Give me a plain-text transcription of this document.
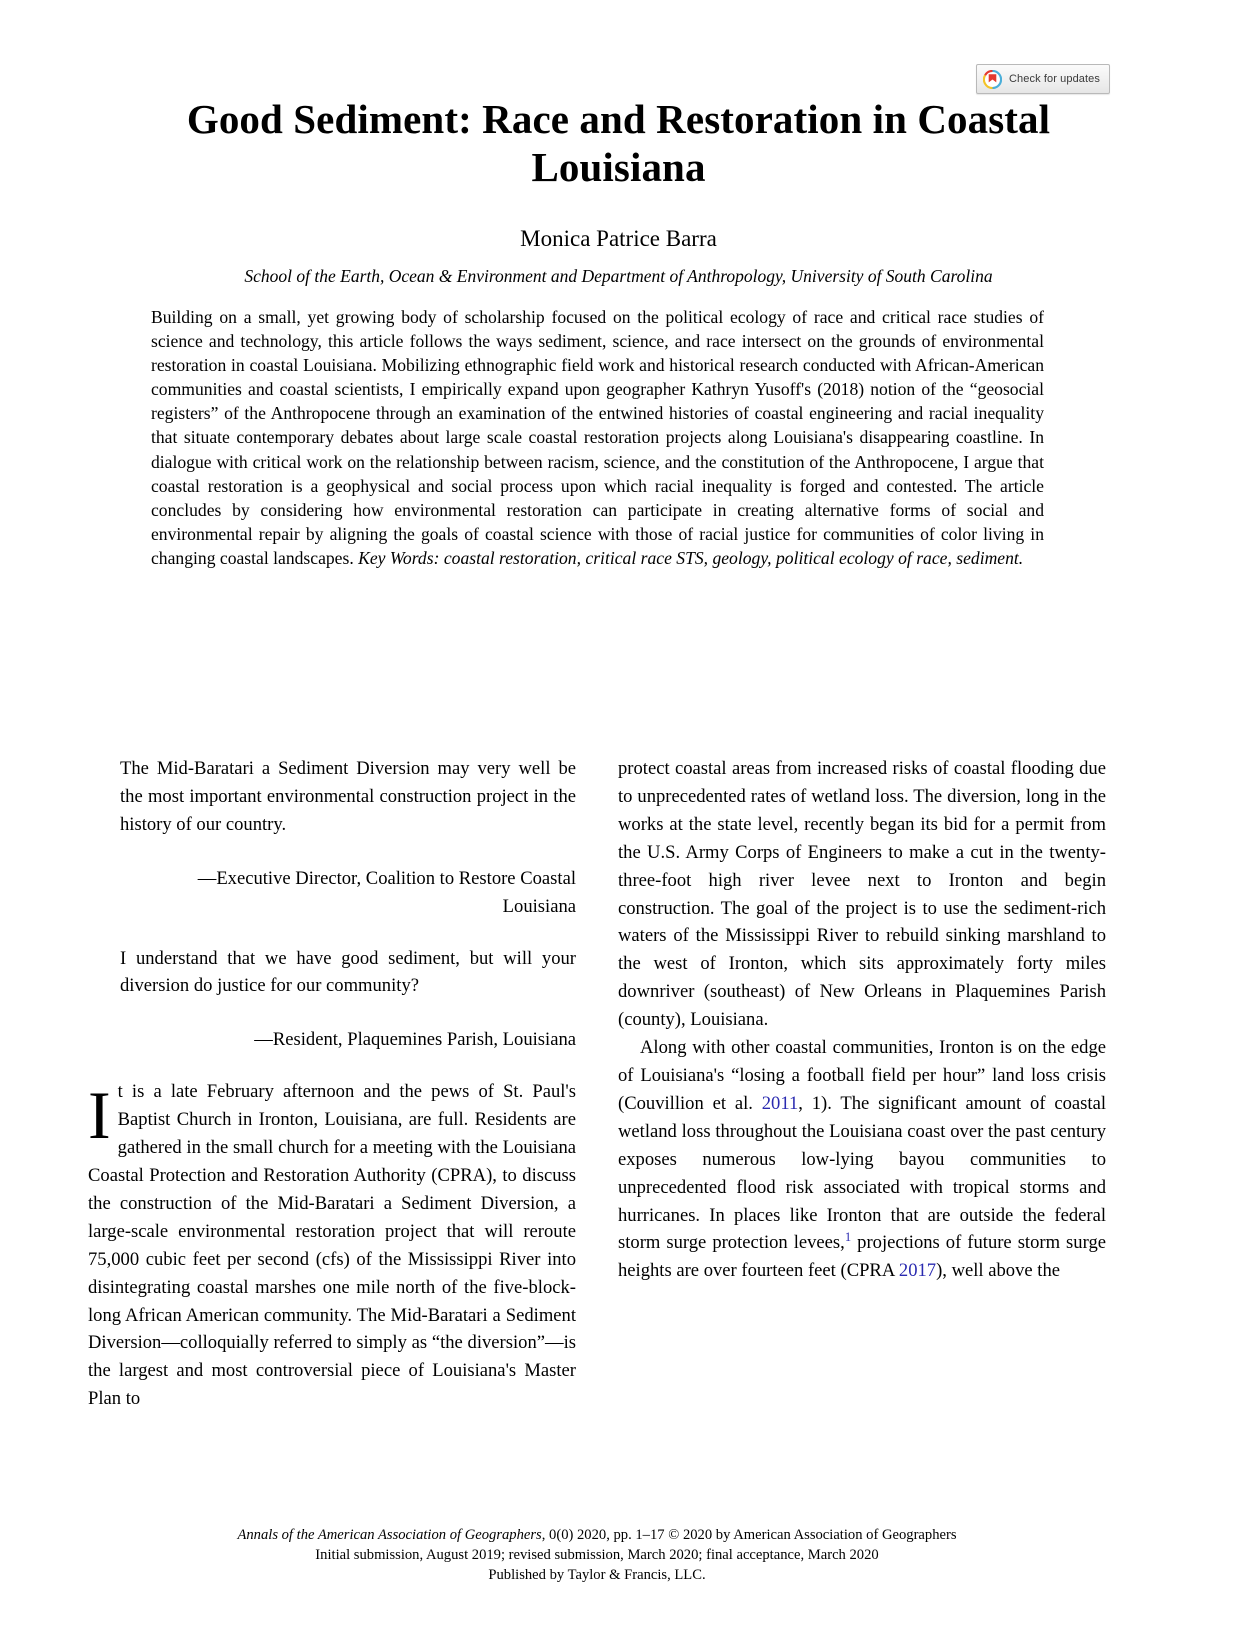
Check for updates
Good Sediment: Race and Restoration in Coastal Louisiana
Monica Patrice Barra
School of the Earth, Ocean & Environment and Department of Anthropology, University of South Carolina
Building on a small, yet growing body of scholarship focused on the political ecology of race and critical race studies of science and technology, this article follows the ways sediment, science, and race intersect on the grounds of environmental restoration in coastal Louisiana. Mobilizing ethnographic field work and historical research conducted with African-American communities and coastal scientists, I empirically expand upon geographer Kathryn Yusoff's (2018) notion of the “geosocial registers” of the Anthropocene through an examination of the entwined histories of coastal engineering and racial inequality that situate contemporary debates about large scale coastal restoration projects along Louisiana's disappearing coastline. In dialogue with critical work on the relationship between racism, science, and the constitution of the Anthropocene, I argue that coastal restoration is a geophysical and social process upon which racial inequality is forged and contested. The article concludes by considering how environmental restoration can participate in creating alternative forms of social and environmental repair by aligning the goals of coastal science with those of racial justice for communities of color living in changing coastal landscapes. Key Words: coastal restoration, critical race STS, geology, political ecology of race, sediment.
The Mid-Baratari a Sediment Diversion may very well be the most important environmental construction project in the history of our country.
—Executive Director, Coalition to Restore Coastal Louisiana
I understand that we have good sediment, but will your diversion do justice for our community?
—Resident, Plaquemines Parish, Louisiana

It is a late February afternoon and the pews of St. Paul's Baptist Church in Ironton, Louisiana, are full. Residents are gathered in the small church for a meeting with the Louisiana Coastal Protection and Restoration Authority (CPRA), to discuss the construction of the Mid-Baratari a Sediment Diversion, a large-scale environmental restoration project that will reroute 75,000 cubic feet per second (cfs) of the Mississippi River into disintegrating coastal marshes one mile north of the five-block-long African American community. The Mid-Baratari a Sediment Diversion—colloquially referred to simply as “the diversion”—is the largest and most controversial piece of Louisiana's Master Plan to

protect coastal areas from increased risks of coastal flooding due to unprecedented rates of wetland loss. The diversion, long in the works at the state level, recently began its bid for a permit from the U.S. Army Corps of Engineers to make a cut in the twenty-three-foot high river levee next to Ironton and begin construction. The goal of the project is to use the sediment-rich waters of the Mississippi River to rebuild sinking marshland to the west of Ironton, which sits approximately forty miles downriver (southeast) of New Orleans in Plaquemines Parish (county), Louisiana.

Along with other coastal communities, Ironton is on the edge of Louisiana's “losing a football field per hour” land loss crisis (Couvillion et al. 2011, 1). The significant amount of coastal wetland loss throughout the Louisiana coast over the past century exposes numerous low-lying bayou communities to unprecedented flood risk associated with tropical storms and hurricanes. In places like Ironton that are outside the federal storm surge protection levees,$^1$ projections of future storm surge heights are over fourteen feet (CPRA 2017), well above the

Annals of the American Association of Geographers, 0(0) 2020, pp. 1–17 © 2020 by American Association of Geographers
Initial submission, August 2019; revised submission, March 2020; final acceptance, March 2020
Published by Taylor & Francis, LLC.
